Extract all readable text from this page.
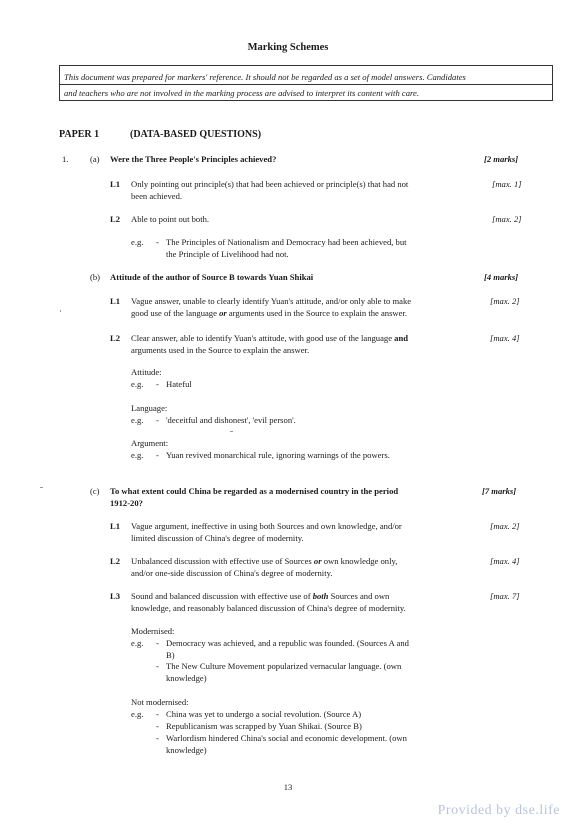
Marking Schemes
This document was prepared for markers' reference. It should not be regarded as a set of model answers. Candidates
and teachers who are not involved in the marking process are advised to interpret its content with care.
PAPER 1	(DATA-BASED QUESTIONS)
1.	(a) Were the Three People's Principles achieved?	[2 marks]
L1 Only pointing out principle(s) that had been achieved or principle(s) that had not
been achieved.
[max. 1]
L2 Able to point out both.	[max. 2]
e.g. - The Principles of Nationalism and Democracy had been achieved, but
the Principle of Livelihood had not.
(b) Attitude of the author of Source B towards Yuan Shikai	[4 marks]
L1 Vague answer, unable to clearly identify Yuan's attitude, and/or only able to make
good use of the language or arguments used in the Source to explain the answer.
[max. 2]
L2 Clear answer, able to identify Yuan's attitude, with good use of the language and
arguments used in the Source to explain the answer.
[max. 4]
Attitude:
e.g. - Hateful
Language:
e.g. - 'deceitful and dishonest', 'evil person'.
Argument:
e.g. - Yuan revived monarchical rule, ignoring warnings of the powers.
(c) To what extent could China be regarded as a modernised country in the period
1912-20?
[7 marks]
L1 Vague argument, ineffective in using both Sources and own knowledge, and/or
limited discussion of China's degree of modernity.
[max. 2]
L2 Unbalanced discussion with effective use of Sources or own knowledge only,
and/or one-side discussion of China's degree of modernity.
[max. 4]
L3 Sound and balanced discussion with effective use of both Sources and own
knowledge, and reasonably balanced discussion of China's degree of modernity.
[max. 7]
Modernised:
e.g. - Democracy was achieved, and a republic was founded. (Sources A and
B)
- The New Culture Movement popularized vernacular language. (own
knowledge)
Not modernised:
e.g. - China was yet to undergo a social revolution. (Source A)
- Republicanism was scrapped by Yuan Shikai. (Source B)
- Warlordism hindered China's social and economic development. (own
knowledge)
13
Provided by dse.life
